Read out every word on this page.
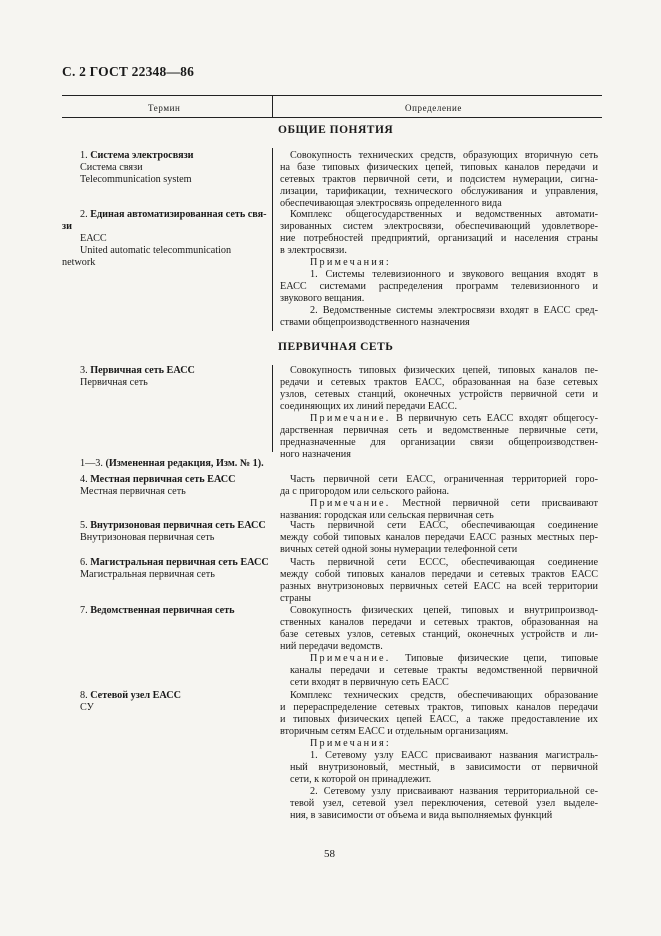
С. 2 ГОСТ 22348—86
Термин	Определение
ОБЩИЕ ПОНЯТИЯ
1. Система электросвязи
Система связи
Telecommunication system
Совокупность технических средств, образующих вторичную сеть
на базе типовых физических цепей, типовых каналов передачи и
сетевых трактов первичной сети, и подсистем нумерации, сигна-
лизации, тарификации, технического обслуживания и управления,
обеспечивающая электросвязь определенного вида
2. Единая автоматизированная сеть свя-
зи
ЕАСС
United automatic telecommunication
network
Комплекс общегосударственных и ведомственных автомати-
зированных систем электросвязи, обеспечивающий удовлетворе-
ние потребностей предприятий, организаций и населения страны
в электросвязи.
Примечания:
1. Системы телевизионного и звукового вещания входят в
ЕАСС системами распределения программ телевизионного и
звукового вещания.
2. Ведомственные системы электросвязи входят в ЕАСС сред-
ствами общепроизводственного назначения
ПЕРВИЧНАЯ СЕТЬ
3. Первичная сеть ЕАСС
Первичная сеть
Совокупность типовых физических цепей, типовых каналов пе-
редачи и сетевых трактов ЕАСС, образованная на базе сетевых
узлов, сетевых станций, оконечных устройств первичной сети и
соединяющих их линий передачи ЕАСС.
Примечание. В первичную сеть ЕАСС входят общегосу-
дарственная первичная сеть и ведомственные первичные сети,
предназначенные для организации связи общепроизводствен-
ного назначения
1—3. (Измененная редакция, Изм. № 1).
4. Местная первичная сеть ЕАСС
Местная первичная сеть
Часть первичной сети ЕАСС, ограниченная территорией горо-
да с пригородом или сельского района.
Примечание. Местной первичной сети присваивают
названия: городская или сельская первичная сеть
5. Внутризоновая первичная сеть ЕАСС
Внутризоновая первичная сеть
Часть первичной сети ЕАСС, обеспечивающая соединение
между собой типовых каналов передачи ЕАСС разных местных пер-
вичных сетей одной зоны нумерации телефонной сети
6. Магистральная первичная сеть ЕАСС
Магистральная первичная сеть
Часть первичной сети ЕССС, обеспечивающая соединение
между собой типовых каналов передачи и сетевых трактов ЕАСС
разных внутризоновых первичных сетей ЕАСС на всей территории
страны
7. Ведомственная первичная сеть	Совокупность физических цепей, типовых и внутрипроизвод-
ственных каналов передачи и сетевых трактов, образованная на
базе сетевых узлов, сетевых станций, оконечных устройств и ли-
ний передачи ведомств.
Примечание. Типовые физические цепи, типовые
каналы передачи и сетевые тракты ведомственной первичной
сети входят в первичную сеть ЕАСС
8. Сетевой узел ЕАСС
СУ
Комплекс технических средств, обеспечивающих образование
и перераспределение сетевых трактов, типовых каналов передачи
и типовых физических цепей ЕАСС, а также предоставление их
вторичным сетям ЕАСС и отдельным организациям.
Примечания:
1. Сетевому узлу ЕАСС присваивают названия магистраль-
ный внутризоновый, местный, в зависимости от первичной
сети, к которой он принадлежит.
2. Сетевому узлу присваивают названия территориальной се-
тевой узел, сетевой узел переключения, сетевой узел выделе-
ния, в зависимости от объема и вида выполняемых функций
58
